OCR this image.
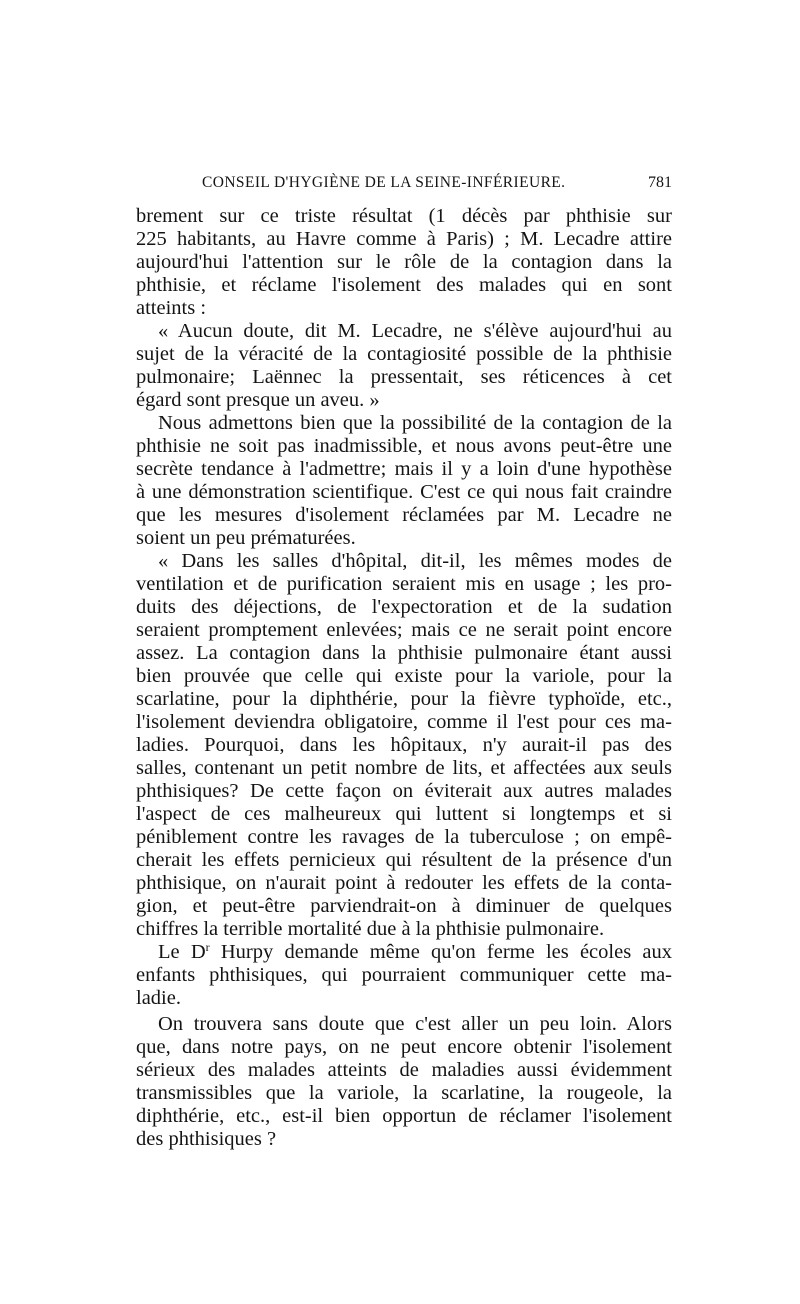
CONSEIL D'HYGIÈNE DE LA SEINE-INFÉRIEURE.	781
brement sur ce triste résultat (1 décès par phthisie sur
225 habitants, au Havre comme à Paris) ; M. Lecadre attire
aujourd'hui l'attention sur le rôle de la contagion dans la
phthisie, et réclame l'isolement des malades qui en sont
atteints :
« Aucun doute, dit M. Lecadre, ne s'élève aujourd'hui au
sujet de la véracité de la contagiosité possible de la phthisie
pulmonaire; Laënnec la pressentait, ses réticences à cet
égard sont presque un aveu. »
Nous admettons bien que la possibilité de la contagion de la
phthisie ne soit pas inadmissible, et nous avons peut-être une
secrète tendance à l'admettre; mais il y a loin d'une hypothèse
à une démonstration scientifique. C'est ce qui nous fait craindre
que les mesures d'isolement réclamées par M. Lecadre ne
soient un peu prématurées.
« Dans les salles d'hôpital, dit-il, les mêmes modes de
ventilation et de purification seraient mis en usage ; les pro-
duits des déjections, de l'expectoration et de la sudation
seraient promptement enlevées; mais ce ne serait point encore
assez. La contagion dans la phthisie pulmonaire étant aussi
bien prouvée que celle qui existe pour la variole, pour la
scarlatine, pour la diphthérie, pour la fièvre typhoïde, etc.,
l'isolement deviendra obligatoire, comme il l'est pour ces ma-
ladies. Pourquoi, dans les hôpitaux, n'y aurait-il pas des
salles, contenant un petit nombre de lits, et affectées aux seuls
phthisiques? De cette façon on éviterait aux autres malades
l'aspect de ces malheureux qui luttent si longtemps et si
péniblement contre les ravages de la tuberculose ; on empê-
cherait les effets pernicieux qui résultent de la présence d'un
phthisique, on n'aurait point à redouter les effets de la conta-
gion, et peut-être parviendrait-on à diminuer de quelques
chiffres la terrible mortalité due à la phthisie pulmonaire.
Le $D^r$ Hurpy demande même qu'on ferme les écoles aux
enfants phthisiques, qui pourraient communiquer cette ma-
ladie.
On trouvera sans doute que c'est aller un peu loin. Alors
que, dans notre pays, on ne peut encore obtenir l'isolement
sérieux des malades atteints de maladies aussi évidemment
transmissibles que la variole, la scarlatine, la rougeole, la
diphthérie, etc., est-il bien opportun de réclamer l'isolement
des phthisiques ?
